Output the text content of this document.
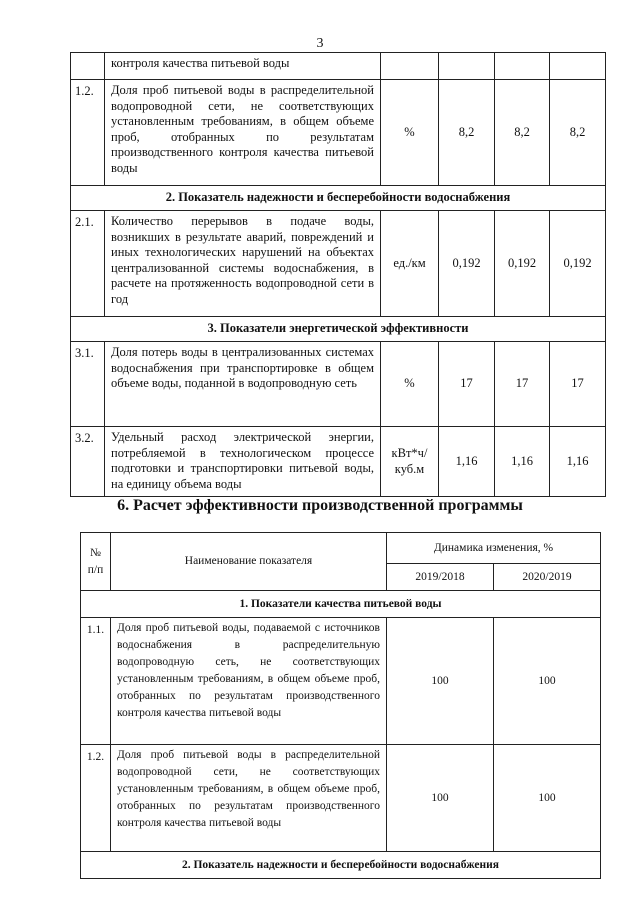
3
	контроля качества питьевой воды				
1.2.	Доля проб питьевой воды в распределительной водопроводной сети, не соответствующих установленным требованиям, в общем объеме проб, отобранных по результатам производственного контроля качества питьевой воды	%	8,2	8,2	8,2
2. Показатель надежности и бесперебойности водоснабжения					
2.1.	Количество перерывов в подаче воды, возникших в результате аварий, повреждений и иных технологических нарушений на объектах централизованной системы водоснабжения, в расчете на протяженность водопроводной сети в год	ед./км	0,192	0,192	0,192
3. Показатели энергетической эффективности					
3.1.	Доля потерь воды в централизованных системах водоснабжения при транспортировке в общем объеме воды, поданной в водопроводную сеть	%	17	17	17
3.2.	Удельный расход электрической энергии, потребляемой в технологическом процессе подготовки и транспортировки питьевой воды, на единицу объема воды	кВт*ч/ куб.м	1,16	1,16	1,16
6. Расчет эффективности производственной программы
№ п/п	Наименование показателя	Динамика изменения, %	
		2019/2018	2020/2019
1. Показатели качества питьевой воды			
1.1.	Доля проб питьевой воды, подаваемой с источников водоснабжения в распределительную водопроводную сеть, не соответствующих установленным требованиям, в общем объеме проб, отобранных по результатам производственного контроля качества питьевой воды	100	100
1.2.	Доля проб питьевой воды в распределительной водопроводной сети, не соответствующих установленным требованиям, в общем объеме проб, отобранных по результатам производственного контроля качества питьевой воды	100	100
2. Показатель надежности и бесперебойности водоснабжения			
